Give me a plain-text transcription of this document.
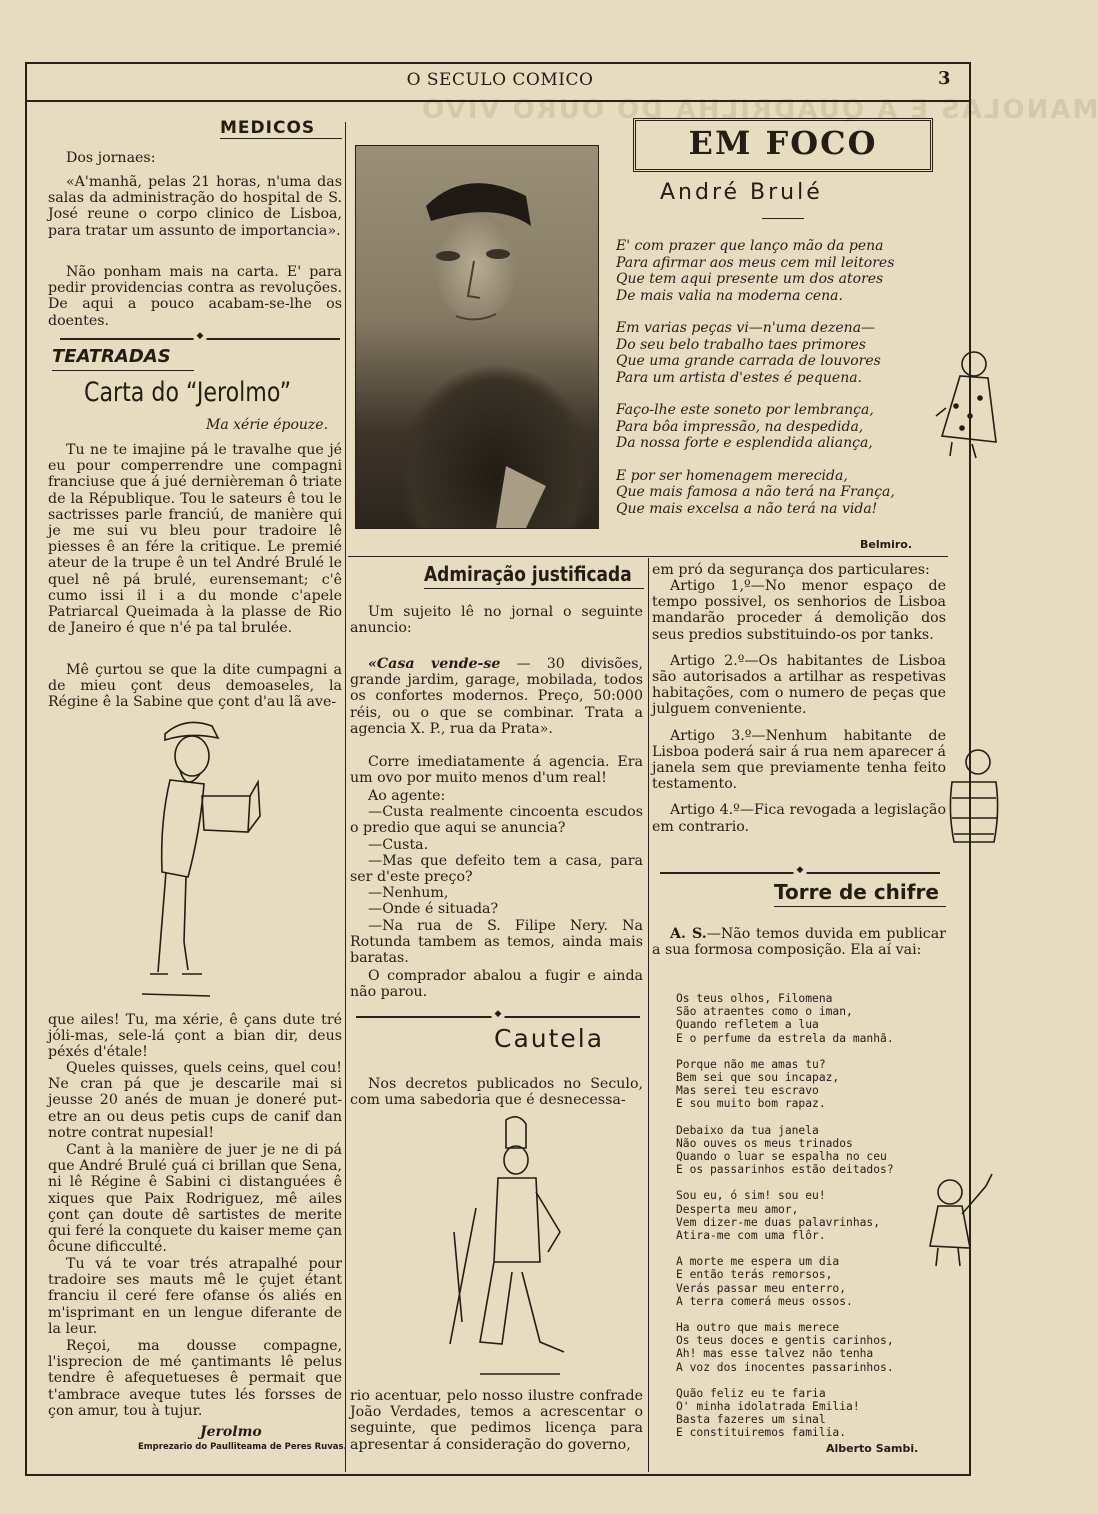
MANOLAS E A QUADRILHA DO OURO VIVO
O SECULO COMICO	3
MEDICOS
Dos jornaes:
«A'manhã, pelas 21 horas, n'uma das salas da administração do hospital de S. José reune o corpo clinico de Lisboa, para tratar um assunto de importancia».
Não ponham mais na carta. E' para pedir providencias contra as revoluções. De aqui a pouco acabam-se-lhe os doentes.
◆
TEATRADAS
Carta do “Jerolmo”
Ma xérie épouze.
Tu ne te imajine pá le travalhe que jé eu pour comperrendre une compagni franciuse que á jué dernièreman ô triate de la République. Tou le sateurs ê tou le sactrisses parle franciú, de manière qui je me sui vu bleu pour tradoire lê piesses ê an fére la critique. Le premié ateur de la trupe ê un tel André Brulé le quel nê pá brulé, eurensemant; c'ê cumo issi il i a du monde c'apele Patriarcal Queimada à la plasse de Rio de Janeiro é que n'é pa tal brulée.
Mê çurtou se que la dite cumpagni a de mieu çont deus demoaseles, la Régine ê la Sabine que çont d'au lã ave-
que ailes! Tu, ma xérie, ê çans dute tré jóli-mas, sele-lá çont a bian dir, deus péxés d'étale!
Queles quisses, quels ceins, quel cou! Ne cran pá que je descarile mai si jeusse 20 anés de muan je doneré put-etre an ou deus petis cups de canif dan notre contrat nupesial!
Cant à la manière de juer je ne di pá que André Brulé çuá ci brillan que Sena, ni lê Régine ê Sabini ci distanguées ê xiques que Paix Rodriguez, mê ailes çont çan doute dê sartistes de merite qui feré la conquete du kaiser meme çan ôcune dificculté.
Tu vá te voar trés atrapalhé pour tradoire ses mauts mê le çujet étant franciu il ceré fere ofanse ós aliés en m'isprimant en un lengue diferante de la leur.
Reçoi, ma dousse compagne, l'isprecion de mé çantimants lê pelus tendre ê afequetueses ê permait que t'ambrace aveque tutes lés forsses de çon amur, tou à tujur.
Jerolmo
Emprezario do Paulliteama de Peres Ruvas.
EM FOCO
André Brulé
E' com prazer que lanço mão da pena
Para afirmar aos meus cem mil leitores
Que tem aqui presente um dos atores
De mais valia na moderna cena.
Em varias peças vi—n'uma dezena—
Do seu belo trabalho taes primores
Que uma grande carrada de louvores
Para um artista d'estes é pequena.
Faço-lhe este soneto por lembrança,
Para bôa impressão, na despedida,
Da nossa forte e esplendida aliança,
E por ser homenagem merecida,
Que mais famosa a não terá na França,
Que mais excelsa a não terá na vida!
Belmiro.
Admiração justificada
Um sujeito lê no jornal o seguinte anuncio:
«Casa vende-se — 30 divisões, grande jardim, garage, mobilada, todos os confortes modernos. Preço, 50:000 réis, ou o que se combinar. Trata a agencia X. P., rua da Prata».
Corre imediatamente á agencia. Era um ovo por muito menos d'um real!

Ao agente:

—Custa realmente cincoenta escudos o predio que aqui se anuncia?

—Custa.

—Mas que defeito tem a casa, para ser d'este preço?

—Nenhum,

—Onde é situada?

—Na rua de S. Filipe Nery. Na Rotunda tambem as temos, ainda mais baratas.

O comprador abalou a fugir e ainda não parou.
◆
Cautela
Nos decretos publicados no Seculo, com uma sabedoria que é desnecessa-
rio acentuar, pelo nosso ilustre confrade João Verdades, temos a acrescentar o seguinte, que pedimos licença para apresentar á consideração do governo,
em pró da segurança dos particulares:

Artigo 1,º—No menor espaço de tempo possivel, os senhorios de Lisboa mandarão proceder á demolição dos seus predios substituindo-os por tanks.

Artigo 2.º—Os habitantes de Lisboa são autorisados a artilhar as respetivas habitações, com o numero de peças que julguem conveniente.

Artigo 3.º—Nenhum habitante de Lisboa poderá sair á rua nem aparecer á janela sem que previamente tenha feito testamento.

Artigo 4.º—Fica revogada a legislação em contrario.

◆
Torre de chifre
A. S.—Não temos duvida em publicar a sua formosa composição. Ela aí vai:
Os teus olhos, Filomena
São atraentes como o iman,
Quando refletem a lua
E o perfume da estrela da manhã.
Porque não me amas tu?
Bem sei que sou incapaz,
Mas serei teu escravo
E sou muito bom rapaz.
Debaixo da tua janela
Não ouves os meus trinados
Quando o luar se espalha no ceu
E os passarinhos estão deitados?
Sou eu, ó sim! sou eu!
Desperta meu amor,
Vem dizer-me duas palavrinhas,
Atira-me com uma flôr.
A morte me espera um dia
E então terás remorsos,
Verás passar meu enterro,
A terra comerá meus ossos.
Ha outro que mais merece
Os teus doces e gentis carinhos,
Ah! mas esse talvez não tenha
A voz dos inocentes passarinhos.
Quão feliz eu te faria
O' minha idolatrada Emilia!
Basta fazeres um sinal
E constituiremos familia.
Alberto Sambi.
